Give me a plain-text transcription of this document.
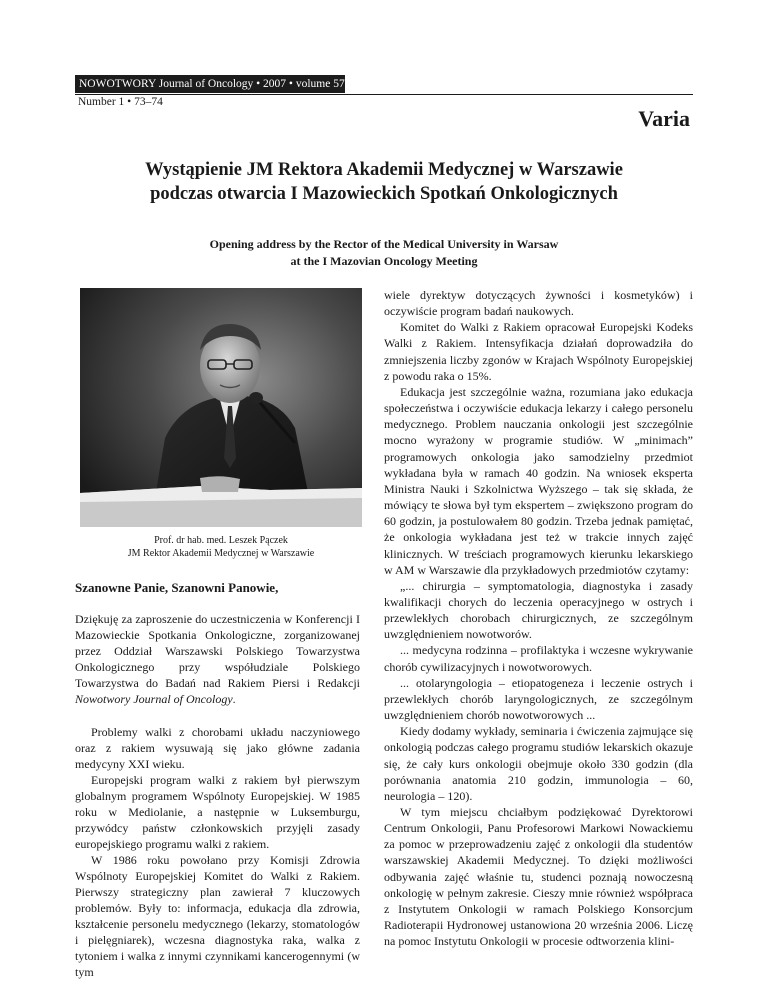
NOWOTWORY Journal of Oncology • 2007 • volume 57
Number 1 • 73–74
Varia
Wystąpienie JM Rektora Akademii Medycznej w Warszawie
podczas otwarcia I Mazowieckich Spotkań Onkologicznych
Opening address by the Rector of the Medical University in Warsaw
at the I Mazovian Oncology Meeting
Prof. dr hab. med. Leszek Pączek
JM Rektor Akademii Medycznej w Warszawie
Szanowne Panie, Szanowni Panowie,

Dziękuję za zaproszenie do uczestniczenia w Konferencji I Mazowieckie Spotkania Onkologiczne, zorganizowanej przez Oddział Warszawski Polskiego Towarzystwa Onkologicznego przy współudziale Polskiego Towarzystwa do Badań nad Rakiem Piersi i Redakcji Nowotwory Journal of Oncology.

Problemy walki z chorobami układu naczyniowego oraz z rakiem wysuwają się jako główne zadania medycyny XXI wieku.

Europejski program walki z rakiem był pierwszym globalnym programem Wspólnoty Europejskiej. W 1985 roku w Mediolanie, a następnie w Luksemburgu, przywódcy państw członkowskich przyjęli zasady europejskiego programu walki z rakiem.

W 1986 roku powołano przy Komisji Zdrowia Wspólnoty Europejskiej Komitet do Walki z Rakiem. Pierwszy strategiczny plan zawierał 7 kluczowych problemów. Były to: informacja, edukacja dla zdrowia, kształcenie personelu medycznego (lekarzy, stomatologów i pielęgniarek), wczesna diagnostyka raka, walka z tytoniem i walka z innymi czynnikami kancerogennymi (w tym

wiele dyrektyw dotyczących żywności i kosmetyków) i oczywiście program badań naukowych.

Komitet do Walki z Rakiem opracował Europejski Kodeks Walki z Rakiem. Intensyfikacja działań doprowadziła do zmniejszenia liczby zgonów w Krajach Wspólnoty Europejskiej z powodu raka o 15%.

Edukacja jest szczególnie ważna, rozumiana jako edukacja społeczeństwa i oczywiście edukacja lekarzy i całego personelu medycznego. Problem nauczania onkologii jest szczególnie mocno wyrażony w programie studiów. W „minimach” programowych onkologia jako samodzielny przedmiot wykładana była w ramach 40 godzin. Na wniosek eksperta Ministra Nauki i Szkolnictwa Wyższego – tak się składa, że mówiący te słowa był tym ekspertem – zwiększono program do 60 godzin, ja postulowałem 80 godzin. Trzeba jednak pamiętać, że onkologia wykładana jest też w trakcie innych zajęć klinicznych. W treściach programowych kierunku lekarskiego w AM w Warszawie dla przykładowych przedmiotów czytamy:

„... chirurgia – symptomatologia, diagnostyka i zasady kwalifikacji chorych do leczenia operacyjnego w ostrych i przewlekłych chorobach chirurgicznych, ze szczególnym uwzględnieniem nowotworów.

... medycyna rodzinna – profilaktyka i wczesne wykrywanie chorób cywilizacyjnych i nowotworowych.

... otolaryngologia – etiopatogeneza i leczenie ostrych i przewlekłych chorób laryngologicznych, ze szczególnym uwzględnieniem chorób nowotworowych ...

Kiedy dodamy wykłady, seminaria i ćwiczenia zajmujące się onkologią podczas całego programu studiów lekarskich okazuje się, że cały kurs onkologii obejmuje około 330 godzin (dla porównania anatomia 210 godzin, immunologia – 60, neurologia – 120).

W tym miejscu chciałbym podziękować Dyrektorowi Centrum Onkologii, Panu Profesorowi Markowi Nowackiemu za pomoc w przeprowadzeniu zajęć z onkologii dla studentów warszawskiej Akademii Medycznej. To dzięki możliwości odbywania zajęć właśnie tu, studenci poznają nowoczesną onkologię w pełnym zakresie. Cieszy mnie również współpraca z Instytutem Onkologii w ramach Polskiego Konsorcjum Radioterapii Hydronowej ustanowiona 20 września 2006. Liczę na pomoc Instytutu Onkologii w procesie odtworzenia klini-
